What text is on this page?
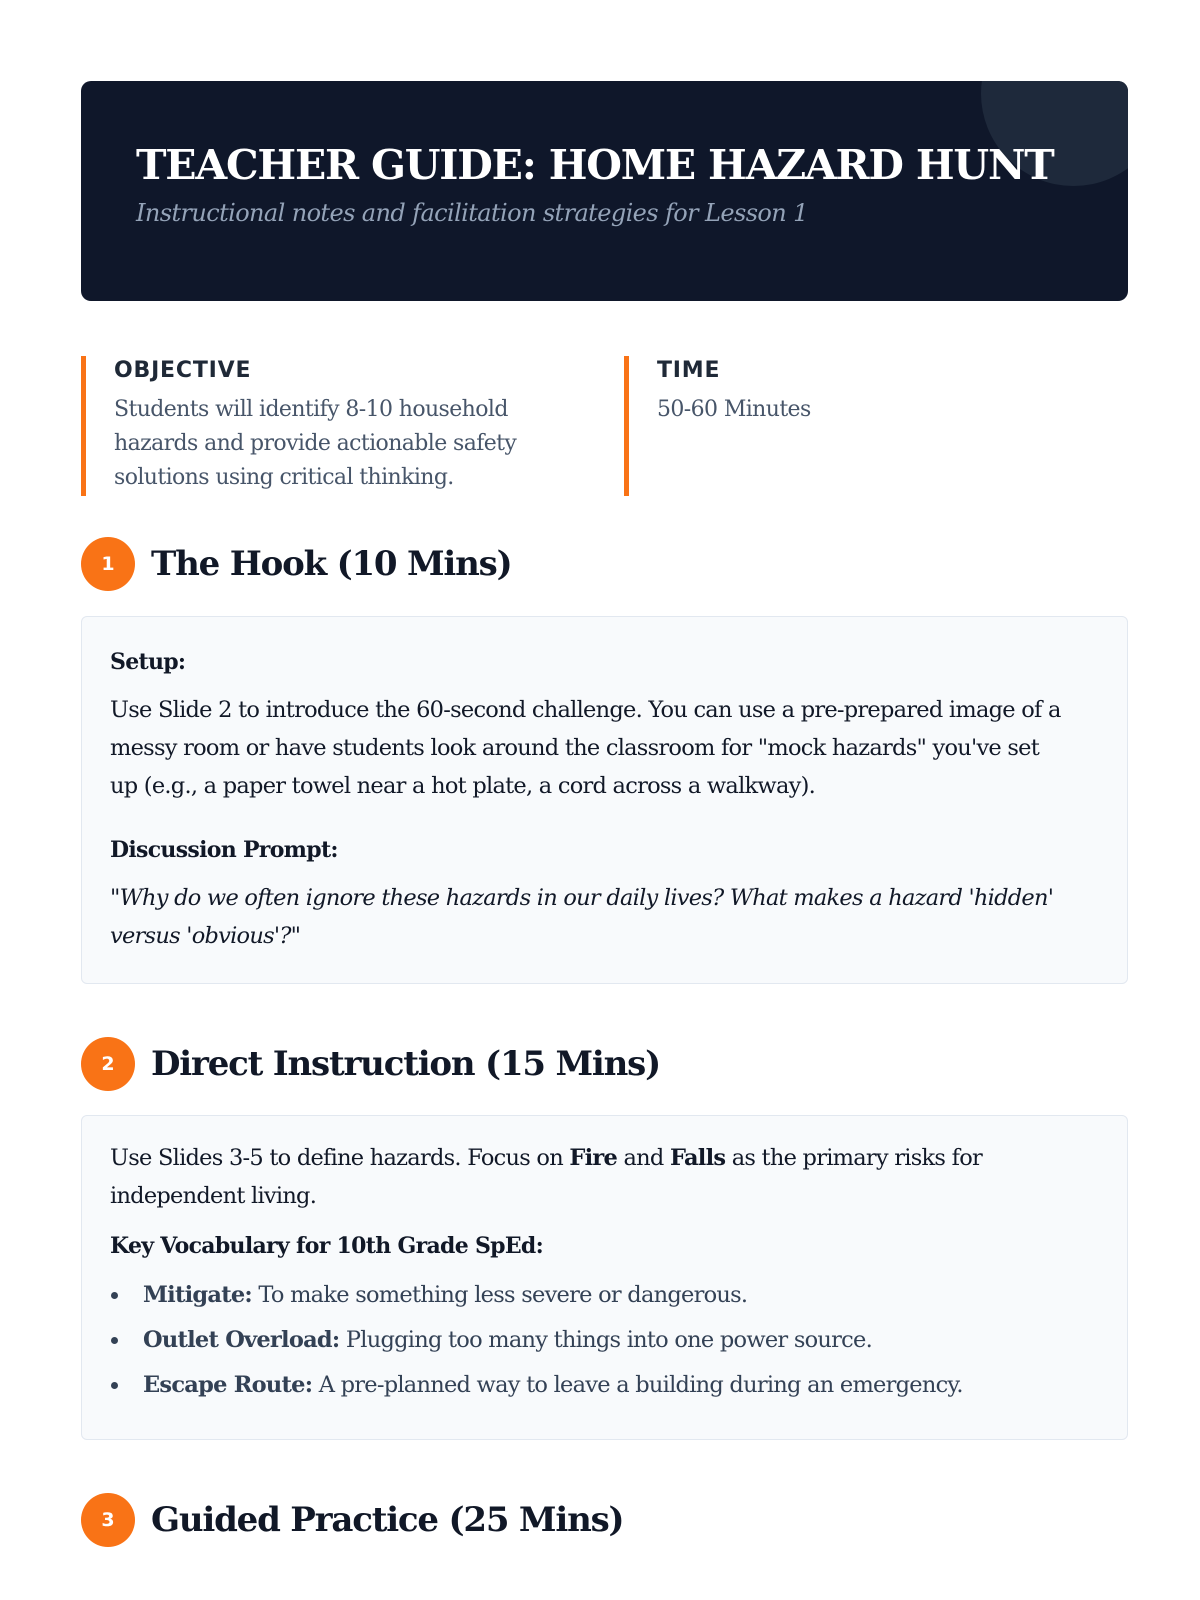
TEACHER GUIDE: HOME HAZARD HUNT
Instructional notes and facilitation strategies for Lesson 1
OBJECTIVE
Students will identify 8-10 household
hazards and provide actionable safety
solutions using critical thinking.
TIME
50-60 Minutes
1	The Hook (10 Mins)
Setup:
Use Slide 2 to introduce the 60-second challenge. You can use a pre-prepared image of a
messy room or have students look around the classroom for "mock hazards" you've set
up (e.g., a paper towel near a hot plate, a cord across a walkway).
Discussion Prompt:
"Why do we often ignore these hazards in our daily lives? What makes a hazard 'hidden'
versus 'obvious'?"
2	Direct Instruction (15 Mins)
Use Slides 3-5 to define hazards. Focus on Fire and Falls as the primary risks for
independent living.
Key Vocabulary for 10th Grade SpEd:
Mitigate: To make something less severe or dangerous.
Outlet Overload: Plugging too many things into one power source.
Escape Route: A pre-planned way to leave a building during an emergency.
3	Guided Practice (25 Mins)
